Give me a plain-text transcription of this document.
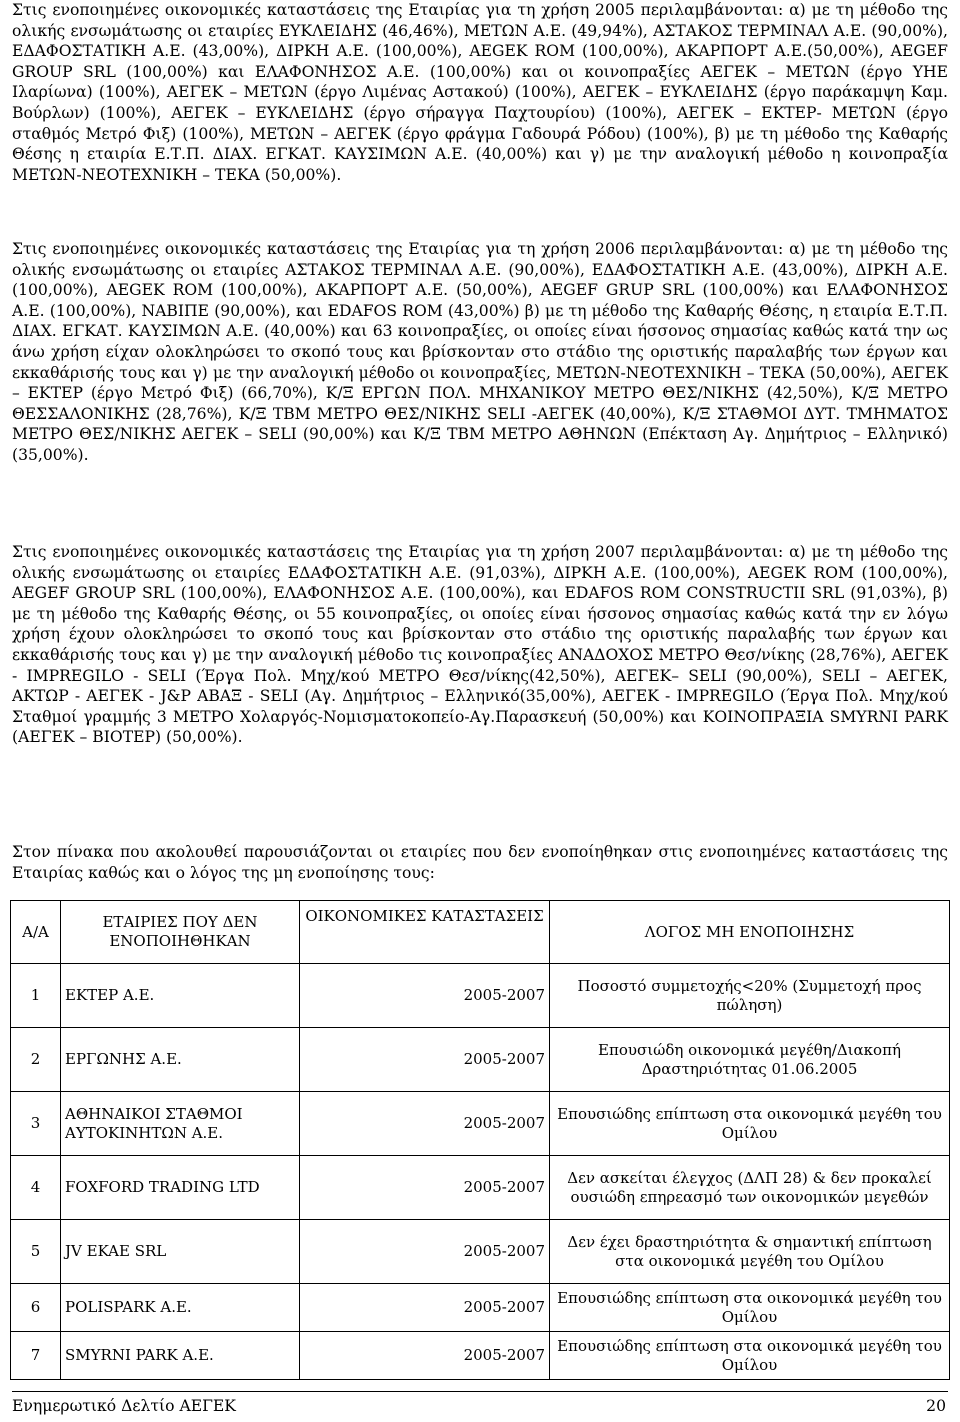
Στις ενοποιημένες οικονομικές καταστάσεις της Εταιρίας για τη χρήση 2005 περιλαμβάνονται: α) με τη μέθοδο της ολικής ενσωμάτωσης οι εταιρίες ΕΥΚΛΕΙΔΗΣ (46,46%), ΜΕΤΩΝ Α.Ε. (49,94%), ΑΣΤΑΚΟΣ ΤΕΡΜΙΝΑΛ Α.Ε. (90,00%), ΕΔΑΦΟΣΤΑΤΙΚΗ Α.Ε. (43,00%), ΔΙΡΚΗ Α.Ε. (100,00%), AEGEK ROM (100,00%), ΑΚΑΡΠΟΡΤ Α.Ε.(50,00%), AEGEF GROUP SRL (100,00%) και ΕΛΑΦΟΝΗΣΟΣ Α.Ε. (100,00%) και οι κοινοπραξίες ΑΕΓΕΚ – ΜΕΤΩΝ (έργο ΥΗΕ Ιλαρίωνα) (100%), ΑΕΓΕΚ – ΜΕΤΩΝ (έργο Λιμένας Αστακού) (100%), ΑΕΓΕΚ – ΕΥΚΛΕΙΔΗΣ (έργο παράκαμψη Καμ. Βούρλων) (100%), ΑΕΓΕΚ – ΕΥΚΛΕΙΔΗΣ (έργο σήραγγα Παχτουρίου) (100%), ΑΕΓΕΚ – ΕΚΤΕΡ- ΜΕΤΩΝ (έργο σταθμός Μετρό Φιξ) (100%), ΜΕΤΩΝ – ΑΕΓΕΚ (έργο φράγμα Γαδουρά Ρόδου) (100%), β) με τη μέθοδο της Καθαρής Θέσης η εταιρία Ε.Τ.Π. ΔΙΑΧ. ΕΓΚΑΤ. ΚΑΥΣΙΜΩΝ Α.Ε. (40,00%) και γ) με την αναλογική μέθοδο η κοινοπραξία ΜΕΤΩΝ-ΝΕΟΤΕΧΝΙΚΗ – ΤΕΚΑ (50,00%).

Στις ενοποιημένες οικονομικές καταστάσεις της Εταιρίας για τη χρήση 2006 περιλαμβάνονται: α) με τη μέθοδο της ολικής ενσωμάτωσης οι εταιρίες ΑΣΤΑΚΟΣ ΤΕΡΜΙΝΑΛ Α.Ε. (90,00%), ΕΔΑΦΟΣΤΑΤΙΚΗ Α.Ε. (43,00%), ΔΙΡΚΗ Α.Ε. (100,00%), AEGEK ROM (100,00%), ΑΚΑΡΠΟΡΤ Α.Ε. (50,00%), AEGEF GRUP SRL (100,00%) και ΕΛΑΦΟΝΗΣΟΣ Α.Ε. (100,00%), ΝΑΒΙΠΕ (90,00%), και EDAFOS ROM (43,00%) β) με τη μέθοδο της Καθαρής Θέσης, η εταιρία Ε.Τ.Π. ΔΙΑΧ. ΕΓΚΑΤ. ΚΑΥΣΙΜΩΝ Α.Ε. (40,00%) και 63 κοινοπραξίες, οι οποίες είναι ήσσονος σημασίας καθώς κατά την ως άνω χρήση είχαν ολοκληρώσει το σκοπό τους και βρίσκονταν στο στάδιο της οριστικής παραλαβής των έργων και εκκαθάρισής τους και γ) με την αναλογική μέθοδο οι κοινοπραξίες, ΜΕΤΩΝ-ΝΕΟΤΕΧΝΙΚΗ – ΤΕΚΑ (50,00%), ΑΕΓΕΚ – ΕΚΤΕΡ (έργο Μετρό Φιξ) (66,70%), Κ/Ξ ΕΡΓΩΝ ΠΟΛ. ΜΗΧΑΝΙΚΟΥ ΜΕΤΡΟ ΘΕΣ/ΝΙΚΗΣ (42,50%), Κ/Ξ ΜΕΤΡΟ ΘΕΣΣΑΛΟΝΙΚΗΣ (28,76%), Κ/Ξ TBM ΜΕΤΡΟ ΘΕΣ/ΝΙΚΗΣ SELI -ΑΕΓΕΚ (40,00%), Κ/Ξ ΣΤΑΘΜΟΙ ΔΥΤ. ΤΜΗΜΑΤΟΣ ΜΕΤΡΟ ΘΕΣ/ΝΙΚΗΣ ΑΕΓΕΚ – SELI (90,00%) και Κ/Ξ TBM ΜΕΤΡΟ ΑΘΗΝΩΝ (Επέκταση Αγ. Δημήτριος – Ελληνικό) (35,00%).

Στις ενοποιημένες οικονομικές καταστάσεις της Εταιρίας για τη χρήση 2007 περιλαμβάνονται: α) με τη μέθοδο της ολικής ενσωμάτωσης οι εταιρίες ΕΔΑΦΟΣΤΑΤΙΚΗ Α.Ε. (91,03%), ΔΙΡΚΗ Α.Ε. (100,00%), AEGEK ROM (100,00%), AEGEF GROUP SRL (100,00%), ΕΛΑΦΟΝΗΣΟΣ Α.Ε. (100,00%), και EDAFOS ROM CONSTRUCTII SRL (91,03%), β) με τη μέθοδο της Καθαρής Θέσης, οι 55 κοινοπραξίες, οι οποίες είναι ήσσονος σημασίας καθώς κατά την εν λόγω χρήση έχουν ολοκληρώσει το σκοπό τους και βρίσκονταν στο στάδιο της οριστικής παραλαβής των έργων και εκκαθάρισής τους και γ) με την αναλογική μέθοδο τις κοινοπραξίες ΑΝΑΔΟΧΟΣ ΜΕΤΡΟ Θεσ/νίκης (28,76%), ΑΕΓΕΚ - IMPREGILO - SELI (Έργα Πολ. Μηχ/κού ΜΕΤΡΟ Θεσ/νίκης(42,50%), ΑΕΓΕΚ– SELI (90,00%), SELI – ΑΕΓΕΚ, ΑΚΤΩΡ - ΑΕΓΕΚ - J&P ΑΒΑΞ - SELI (Αγ. Δημήτριος – Ελληνικό(35,00%), ΑΕΓΕΚ - IMPREGILO (Έργα Πολ. Μηχ/κού Σταθμοί γραμμής 3 ΜΕΤΡΟ Χολαργός-Νομισματοκοπείο-Αγ.Παρασκευή (50,00%) και ΚΟΙΝΟΠΡΑΞΙΑ SMYRNI PARK (ΑΕΓΕΚ – ΒΙΟΤΕΡ) (50,00%).

Στον πίνακα που ακολουθεί παρουσιάζονται οι εταιρίες που δεν ενοποίηθηκαν στις ενοποιημένες καταστάσεις της Εταιρίας καθώς και ο λόγος της μη ενοποίησης τους:

Α/Α	ΕΤΑΙΡΙΕΣ ΠΟΥ ΔΕΝ ΕΝΟΠΟΙΗΘΗΚΑΝ	ΟΙΚΟΝΟΜΙΚΕΣ ΚΑΤΑΣΤΑΣΕΙΣ	ΛΟΓΟΣ ΜΗ ΕΝΟΠΟΙΗΣΗΣ
1	ΕΚΤΕΡ Α.Ε.	2005-2007	Ποσοστό συμμετοχής<20% (Συμμετοχή προς πώληση)
2	ΕΡΓΩΝΗΣ Α.Ε.	2005-2007	Επουσιώδη οικονομικά μεγέθη/Διακοπή Δραστηριότητας 01.06.2005
3	ΑΘΗΝΑΙΚΟΙ ΣΤΑΘΜΟΙ ΑΥΤΟΚΙΝΗΤΩΝ Α.Ε.	2005-2007	Επουσιώδης επίπτωση στα οικονομικά μεγέθη του Ομίλου
4	FOXFORD TRADING LTD	2005-2007	Δεν ασκείται έλεγχος (ΔΛΠ 28) & δεν προκαλεί ουσιώδη επηρεασμό των οικονομικών μεγεθών
5	JV EKAE SRL	2005-2007	Δεν έχει δραστηριότητα & σημαντική επίπτωση στα οικονομικά μεγέθη του Ομίλου
6	POLISPARK A.E.	2005-2007	Επουσιώδης επίπτωση στα οικονομικά μεγέθη του Ομίλου
7	SMYRNI PARK A.E.	2005-2007	Επουσιώδης επίπτωση στα οικονομικά μεγέθη του Ομίλου
Ενημερωτικό Δελτίο ΑΕΓΕΚ	20
